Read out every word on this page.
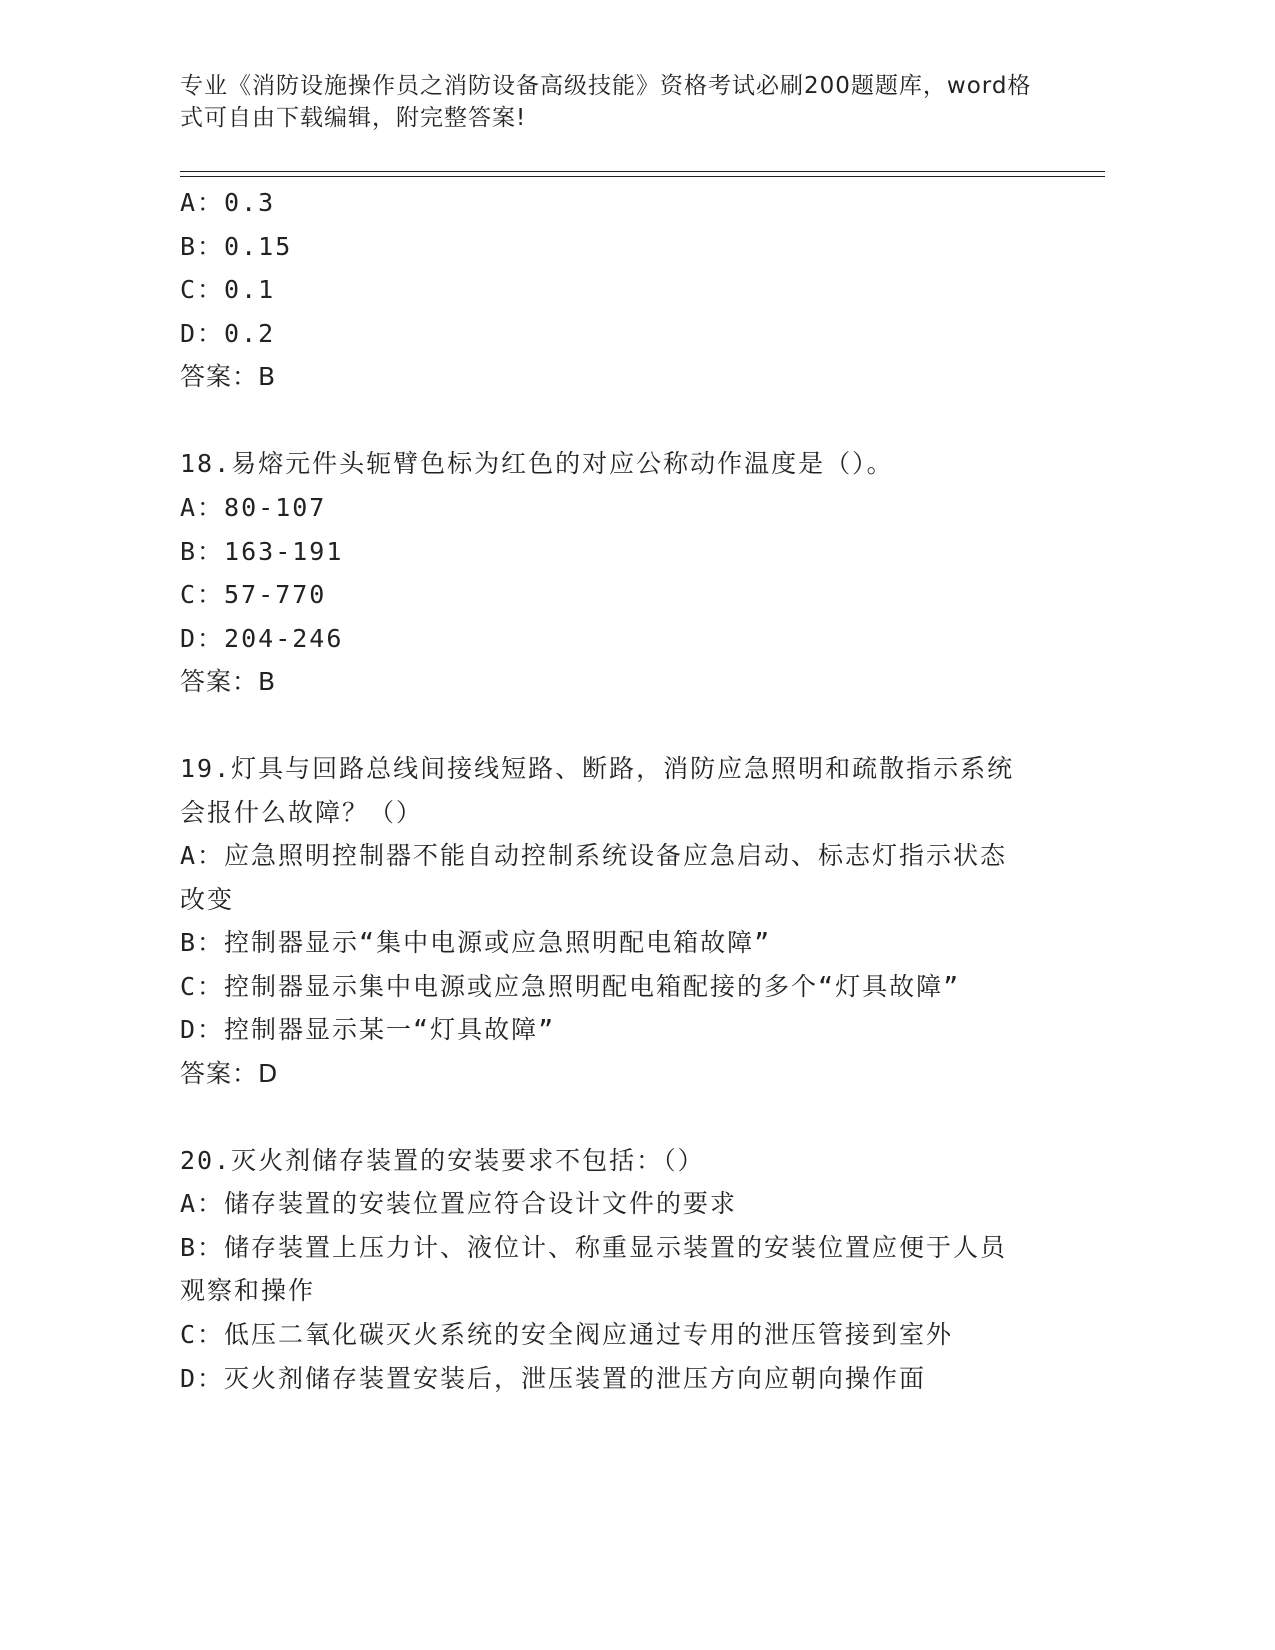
专业《消防设施操作员之消防设备高级技能》资格考试必刷200题题库，word格式可自由下载编辑，附完整答案!
A：0.3
B：0.15
C：0.1
D：0.2
答案：B
18.易熔元件头轭臂色标为红色的对应公称动作温度是（）。
A：80-107
B：163-191
C：57-770
D：204-246
答案：B
19.灯具与回路总线间接线短路、断路，消防应急照明和疏散指示系统
会报什么故障？（）
A：应急照明控制器不能自动控制系统设备应急启动、标志灯指示状态
改变
B：控制器显示“集中电源或应急照明配电箱故障”
C：控制器显示集中电源或应急照明配电箱配接的多个“灯具故障”
D：控制器显示某一“灯具故障”
答案：D
20.灭火剂储存装置的安装要求不包括：（）
A：储存装置的安装位置应符合设计文件的要求
B：储存装置上压力计、液位计、称重显示装置的安装位置应便于人员
观察和操作
C：低压二氧化碳灭火系统的安全阀应通过专用的泄压管接到室外
D：灭火剂储存装置安装后，泄压装置的泄压方向应朝向操作面
